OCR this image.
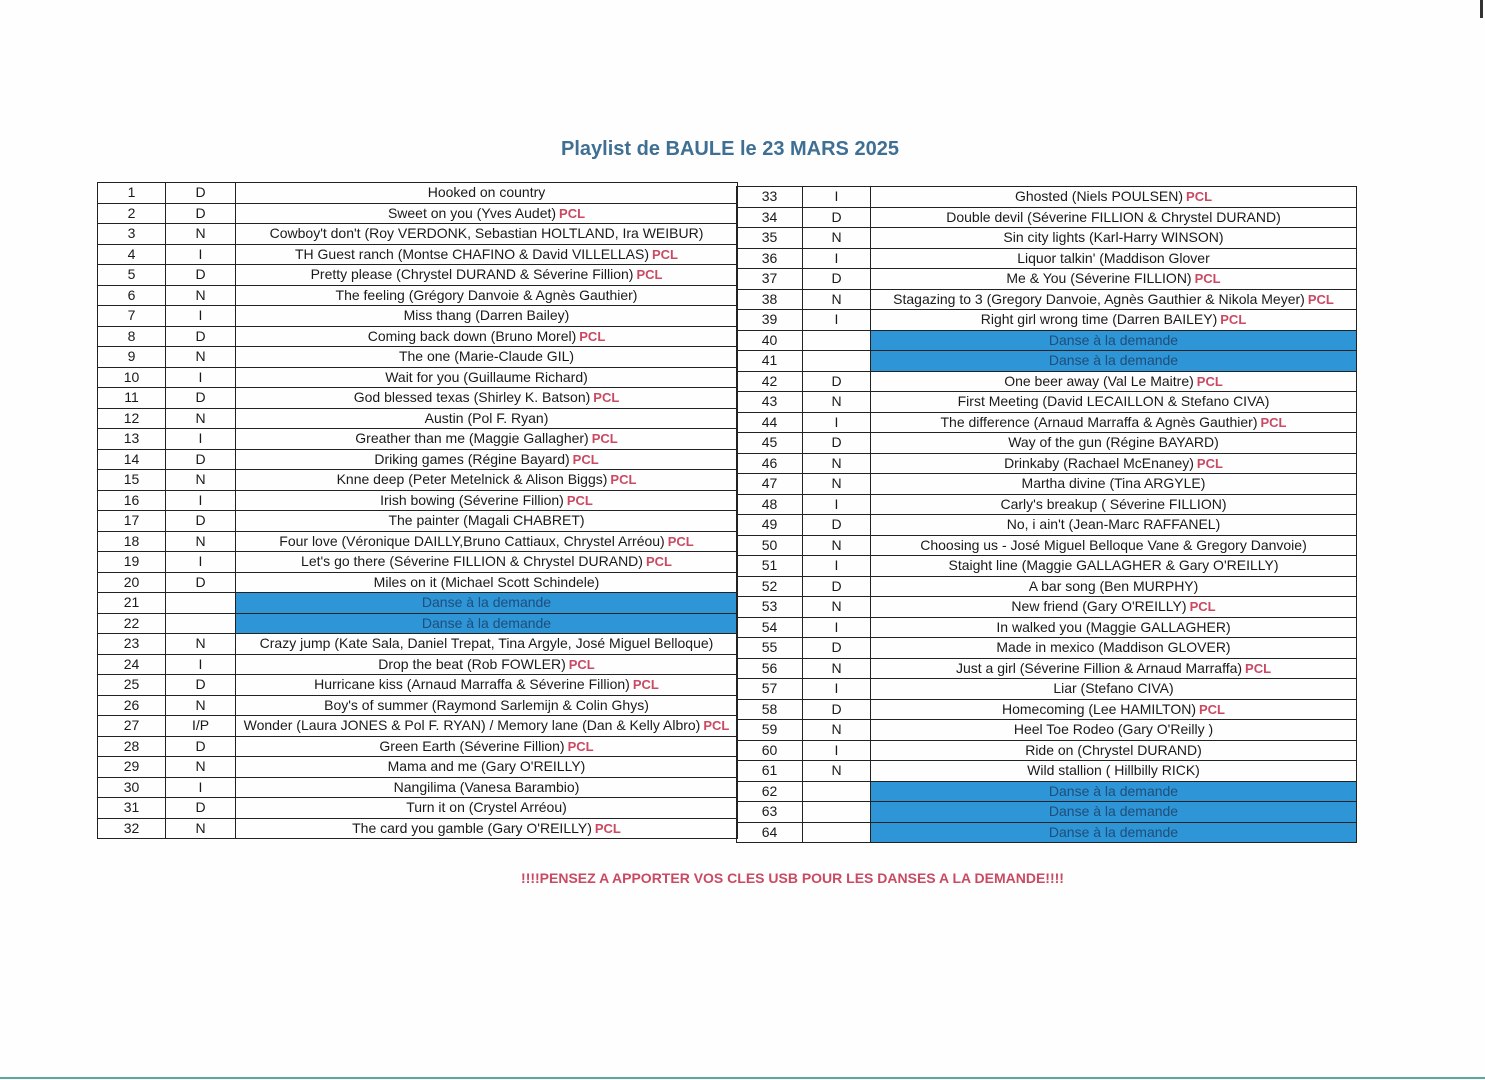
Playlist de BAULE le 23 MARS 2025
1	D	Hooked on country
2	D	Sweet on you (Yves Audet) PCL
3	N	Cowboy't don't (Roy VERDONK, Sebastian HOLTLAND, Ira WEIBUR)
4	I	TH Guest ranch (Montse CHAFINO & David VILLELLAS) PCL
5	D	Pretty please (Chrystel DURAND & Séverine Fillion) PCL
6	N	The feeling (Grégory Danvoie & Agnès Gauthier)
7	I	Miss thang (Darren Bailey)
8	D	Coming back down (Bruno Morel) PCL
9	N	The one (Marie-Claude GIL)
10	I	Wait for you (Guillaume Richard)
11	D	God blessed texas (Shirley K. Batson) PCL
12	N	Austin (Pol F. Ryan)
13	I	Greather than me (Maggie Gallagher) PCL
14	D	Driking games (Régine Bayard) PCL
15	N	Knne deep (Peter Metelnick & Alison Biggs) PCL
16	I	Irish bowing (Séverine Fillion) PCL
17	D	The painter (Magali CHABRET)
18	N	Four love (Véronique DAILLY,Bruno Cattiaux, Chrystel Arréou) PCL
19	I	Let's go there (Séverine FILLION & Chrystel DURAND) PCL
20	D	Miles on it (Michael Scott Schindele)
21		Danse à la demande
22		Danse à la demande
23	N	Crazy jump (Kate Sala, Daniel Trepat, Tina Argyle, José Miguel Belloque)
24	I	Drop the beat (Rob FOWLER) PCL
25	D	Hurricane kiss (Arnaud Marraffa & Séverine Fillion) PCL
26	N	Boy's of summer (Raymond Sarlemijn & Colin Ghys)
27	I/P	Wonder (Laura JONES & Pol F. RYAN) / Memory lane (Dan & Kelly Albro) PCL
28	D	Green Earth (Séverine Fillion) PCL
29	N	Mama and me (Gary O'REILLY)
30	I	Nangilima (Vanesa Barambio)
31	D	Turn it on (Crystel Arréou)
32	N	The card you gamble (Gary O'REILLY) PCL
33	I	Ghosted (Niels POULSEN) PCL
34	D	Double devil (Séverine FILLION & Chrystel DURAND)
35	N	Sin city lights (Karl-Harry WINSON)
36	I	Liquor talkin' (Maddison Glover
37	D	Me & You (Séverine FILLION) PCL
38	N	Stagazing to 3 (Gregory Danvoie, Agnès Gauthier & Nikola Meyer) PCL
39	I	Right girl wrong time (Darren BAILEY) PCL
40		Danse à la demande
41		Danse à la demande
42	D	One beer away (Val Le Maitre) PCL
43	N	First Meeting (David LECAILLON & Stefano CIVA)
44	I	The difference (Arnaud Marraffa & Agnès Gauthier) PCL
45	D	Way of the gun (Régine BAYARD)
46	N	Drinkaby (Rachael McEnaney) PCL
47	N	Martha divine (Tina ARGYLE)
48	I	Carly's breakup ( Séverine FILLION)
49	D	No, i ain't (Jean-Marc RAFFANEL)
50	N	Choosing us - José Miguel Belloque Vane & Gregory Danvoie)
51	I	Staight line (Maggie GALLAGHER & Gary O'REILLY)
52	D	A bar song (Ben MURPHY)
53	N	New friend (Gary O'REILLY) PCL
54	I	In walked you (Maggie GALLAGHER)
55	D	Made in mexico (Maddison GLOVER)
56	N	Just a girl (Séverine Fillion & Arnaud Marraffa) PCL
57	I	Liar (Stefano CIVA)
58	D	Homecoming (Lee HAMILTON) PCL
59	N	Heel Toe Rodeo (Gary O'Reilly )
60	I	Ride on (Chrystel DURAND)
61	N	Wild stallion ( Hillbilly RICK)
62		Danse à la demande
63		Danse à la demande
64		Danse à la demande
!!!!PENSEZ A APPORTER VOS CLES USB POUR LES DANSES A LA DEMANDE!!!!
